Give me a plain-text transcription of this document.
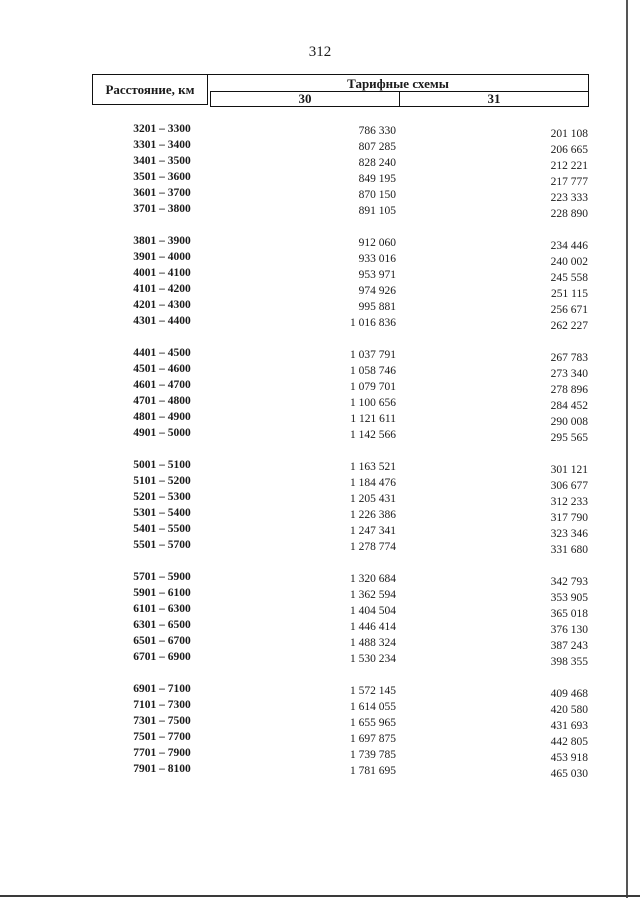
312
Расстояние, км	Тарифные схемы
30	31
3201 – 3300	786 330	201 108
3301 – 3400	807 285	206 665
3401 – 3500	828 240	212 221
3501 – 3600	849 195	217 777
3601 – 3700	870 150	223 333
3701 – 3800	891 105	228 890
3801 – 3900	912 060	234 446
3901 – 4000	933 016	240 002
4001 – 4100	953 971	245 558
4101 – 4200	974 926	251 115
4201 – 4300	995 881	256 671
4301 – 4400	1 016 836	262 227
4401 – 4500	1 037 791	267 783
4501 – 4600	1 058 746	273 340
4601 – 4700	1 079 701	278 896
4701 – 4800	1 100 656	284 452
4801 – 4900	1 121 611	290 008
4901 – 5000	1 142 566	295 565
5001 – 5100	1 163 521	301 121
5101 – 5200	1 184 476	306 677
5201 – 5300	1 205 431	312 233
5301 – 5400	1 226 386	317 790
5401 – 5500	1 247 341	323 346
5501 – 5700	1 278 774	331 680
5701 – 5900	1 320 684	342 793
5901 – 6100	1 362 594	353 905
6101 – 6300	1 404 504	365 018
6301 – 6500	1 446 414	376 130
6501 – 6700	1 488 324	387 243
6701 – 6900	1 530 234	398 355
6901 – 7100	1 572 145	409 468
7101 – 7300	1 614 055	420 580
7301 – 7500	1 655 965	431 693
7501 – 7700	1 697 875	442 805
7701 – 7900	1 739 785	453 918
7901 – 8100	1 781 695	465 030
